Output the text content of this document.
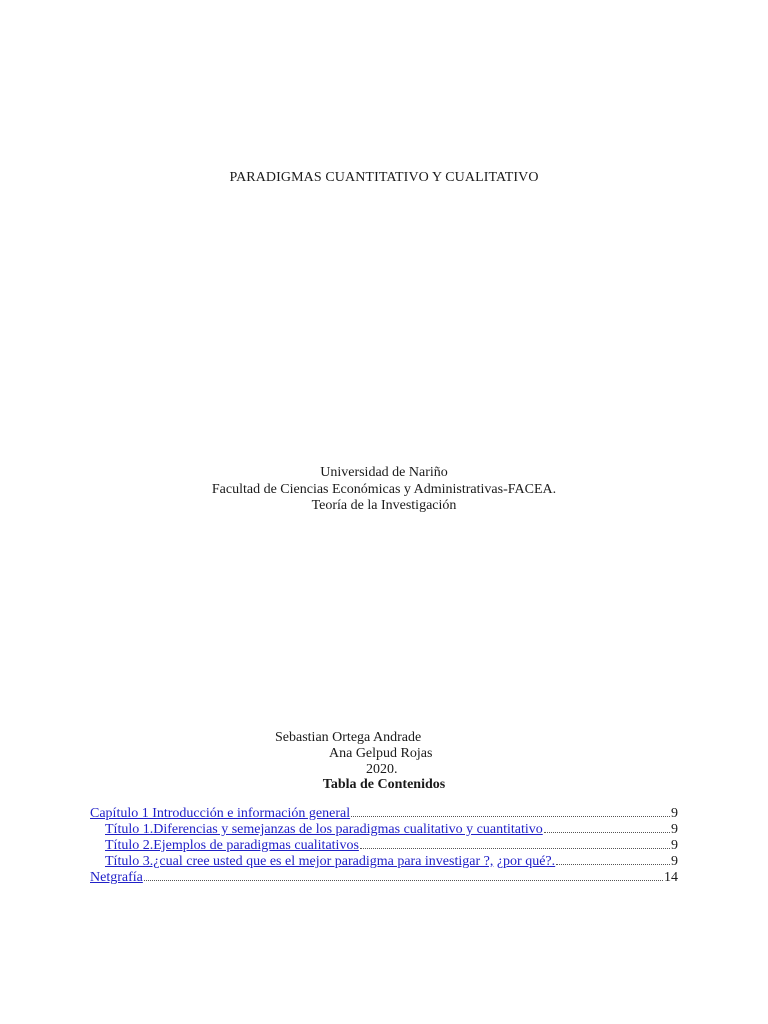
PARADIGMAS CUANTITATIVO Y CUALITATIVO
Universidad de Nariño
Facultad de Ciencias Económicas y Administrativas-FACEA.
Teoría de la Investigación
Sebastian Ortega Andrade
Ana Gelpud Rojas
2020.
Tabla de Contenidos
Capítulo 1 Introducción e información general	9
Título 1.Diferencias y semejanzas de los paradigmas cualitativo y cuantitativo	9
Título 2.Ejemplos de paradigmas cualitativos	9
Título 3.¿cual cree usted que es el mejor paradigma para investigar ?,
¿por qué?.	9
Netgrafía	14
